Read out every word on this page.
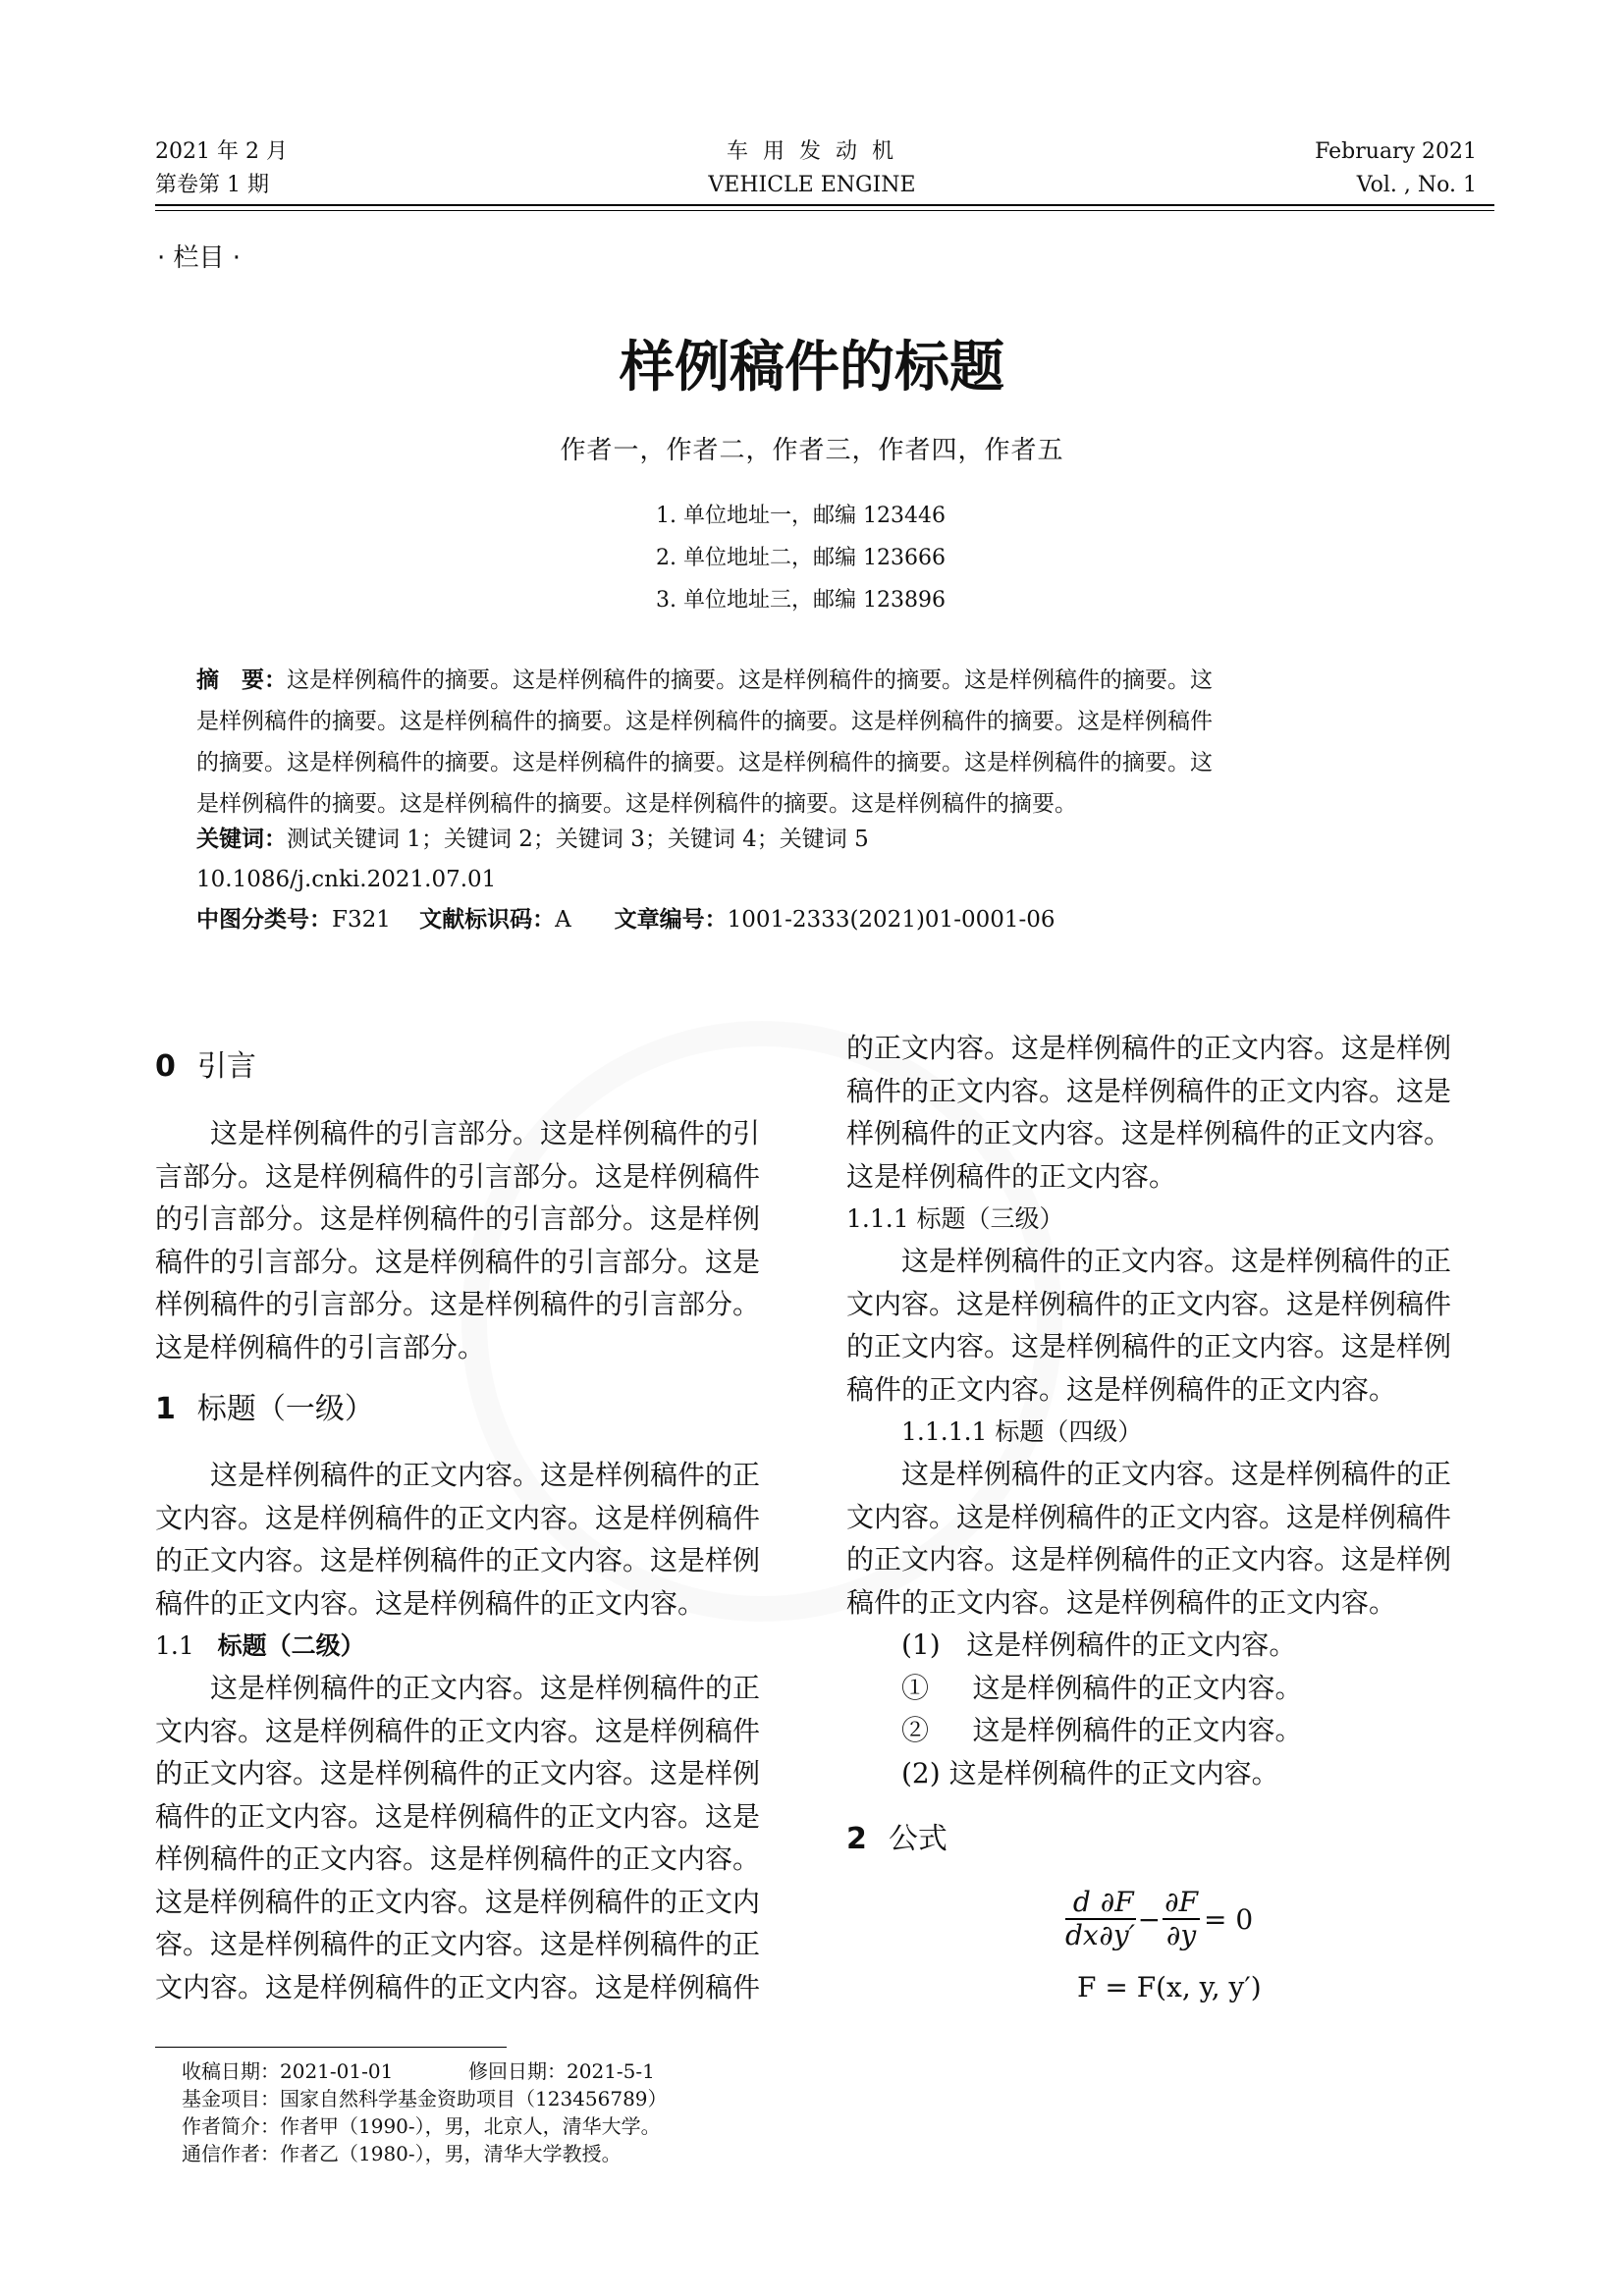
2021 年 2 月
第卷第 1 期
车 用 发 动 机
VEHICLE ENGINE
February 2021
Vol. , No. 1
· 栏目 ·
样例稿件的标题
作者一，作者二，作者三，作者四，作者五
1. 单位地址一，邮编 123446
2. 单位地址二，邮编 123666
3. 单位地址三，邮编 123896
摘　要：这是样例稿件的摘要。这是样例稿件的摘要。这是样例稿件的摘要。这是样例稿件的摘要。这
是样例稿件的摘要。这是样例稿件的摘要。这是样例稿件的摘要。这是样例稿件的摘要。这是样例稿件
的摘要。这是样例稿件的摘要。这是样例稿件的摘要。这是样例稿件的摘要。这是样例稿件的摘要。这
是样例稿件的摘要。这是样例稿件的摘要。这是样例稿件的摘要。这是样例稿件的摘要。
关键词：测试关键词 1；关键词 2；关键词 3；关键词 4；关键词 5
10.1086/j.cnki.2021.07.01
中图分类号：F321 文献标识码：A 文章编号：1001-2333(2021)01-0001-06
0 引言
这是样例稿件的引言部分。这是样例稿件的引
言部分。这是样例稿件的引言部分。这是样例稿件
的引言部分。这是样例稿件的引言部分。这是样例
稿件的引言部分。这是样例稿件的引言部分。这是
样例稿件的引言部分。这是样例稿件的引言部分。
这是样例稿件的引言部分。
1 标题（一级）
这是样例稿件的正文内容。这是样例稿件的正
文内容。这是样例稿件的正文内容。这是样例稿件
的正文内容。这是样例稿件的正文内容。这是样例
稿件的正文内容。这是样例稿件的正文内容。
1.1 标题（二级）
这是样例稿件的正文内容。这是样例稿件的正
文内容。这是样例稿件的正文内容。这是样例稿件
的正文内容。这是样例稿件的正文内容。这是样例
稿件的正文内容。这是样例稿件的正文内容。这是
样例稿件的正文内容。这是样例稿件的正文内容。
这是样例稿件的正文内容。这是样例稿件的正文内
容。这是样例稿件的正文内容。这是样例稿件的正
文内容。这是样例稿件的正文内容。这是样例稿件
的正文内容。这是样例稿件的正文内容。这是样例
稿件的正文内容。这是样例稿件的正文内容。这是
样例稿件的正文内容。这是样例稿件的正文内容。
这是样例稿件的正文内容。
1.1.1 标题（三级）
这是样例稿件的正文内容。这是样例稿件的正
文内容。这是样例稿件的正文内容。这是样例稿件
的正文内容。这是样例稿件的正文内容。这是样例
稿件的正文内容。这是样例稿件的正文内容。
1.1.1.1 标题（四级）
这是样例稿件的正文内容。这是样例稿件的正
文内容。这是样例稿件的正文内容。这是样例稿件
的正文内容。这是样例稿件的正文内容。这是样例
稿件的正文内容。这是样例稿件的正文内容。
(1) 这是样例稿件的正文内容。
① 这是样例稿件的正文内容。
② 这是样例稿件的正文内容。
(2) 这是样例稿件的正文内容。
2 公式
$\frac{d}{dx} \frac{\partial F}{\partial y'} - \frac{\partial F}{\partial y} = 0$
F = F(x, y, y′)
收稿日期：2021-01-01	修回日期：2021-5-1
基金项目：国家自然科学基金资助项目（123456789）
作者简介：作者甲（1990-），男，北京人，清华大学。
通信作者：作者乙（1980-），男，清华大学教授。
